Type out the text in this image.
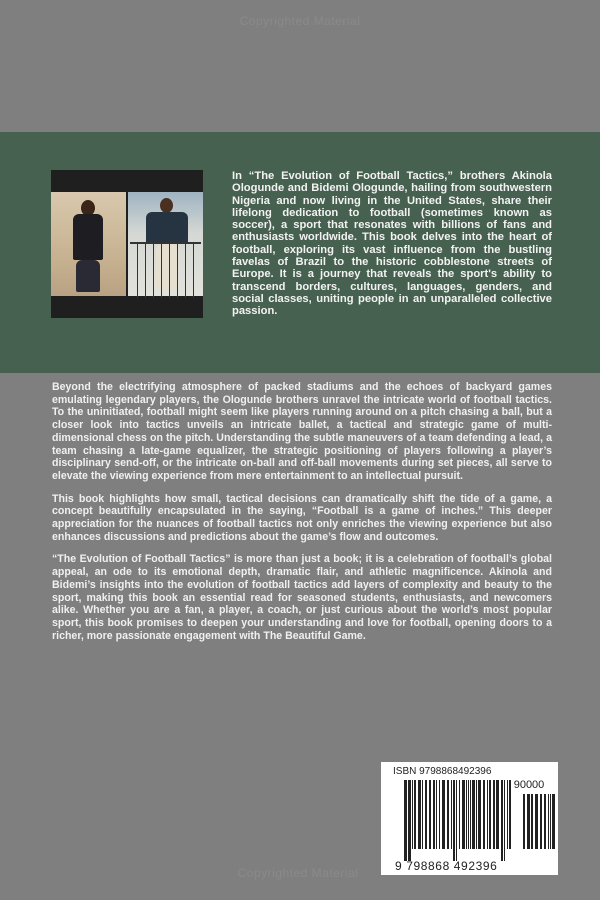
Copyrighted Material
In “The Evolution of Football Tactics,” brothers Akinola Ologunde and Bidemi Ologunde, hailing from southwestern Nigeria and now living in the United States, share their lifelong dedication to football (sometimes known as soccer), a sport that resonates with billions of fans and enthusiasts worldwide. This book delves into the heart of football, exploring its vast influence from the bustling favelas of Brazil to the historic cobblestone streets of Europe. It is a journey that reveals the sport's ability to transcend borders, cultures, languages, genders, and social classes, uniting people in an unparalleled collective passion.

Beyond the electrifying atmosphere of packed stadiums and the echoes of backyard games emulating legendary players, the Ologunde brothers unravel the intricate world of football tactics. To the uninitiated, football might seem like players running around on a pitch chasing a ball, but a closer look into tactics unveils an intricate ballet, a tactical and strategic game of multi-dimensional chess on the pitch. Understanding the subtle maneuvers of a team defending a lead, a team chasing a late-game equalizer, the strategic positioning of players following a player’s disciplinary send-off, or the intricate on-ball and off-ball movements during set pieces, all serve to elevate the viewing experience from mere entertainment to an intellectual pursuit.

This book highlights how small, tactical decisions can dramatically shift the tide of a game, a concept beautifully encapsulated in the saying, “Football is a game of inches.” This deeper appreciation for the nuances of football tactics not only enriches the viewing experience but also enhances discussions and predictions about the game’s flow and outcomes.

“The Evolution of Football Tactics” is more than just a book; it is a celebration of football’s global appeal, an ode to its emotional depth, dramatic flair, and athletic magnificence. Akinola and Bidemi’s insights into the evolution of football tactics add layers of complexity and beauty to the sport, making this book an essential read for seasoned students, enthusiasts, and newcomers alike. Whether you are a fan, a player, a coach, or just curious about the world’s most popular sport, this book promises to deepen your understanding and love for football, opening doors to a richer, more passionate engagement with The Beautiful Game.

ISBN 9798868492396
90000
9 798868 492396
Copyrighted Material
